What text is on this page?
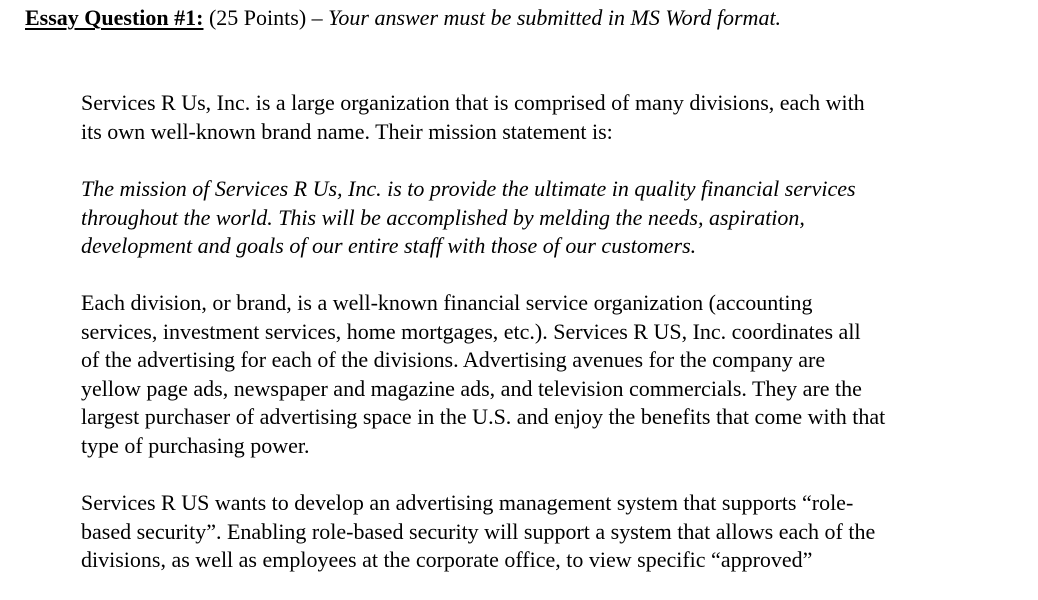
Essay Question #1: (25 Points) – Your answer must be submitted in MS Word format.
Services R Us, Inc. is a large organization that is comprised of many divisions, each with
its own well-known brand name. Their mission statement is:
The mission of Services R Us, Inc. is to provide the ultimate in quality financial services
throughout the world. This will be accomplished by melding the needs, aspiration,
development and goals of our entire staff with those of our customers.
Each division, or brand, is a well-known financial service organization (accounting
services, investment services, home mortgages, etc.). Services R US, Inc. coordinates all
of the advertising for each of the divisions. Advertising avenues for the company are
yellow page ads, newspaper and magazine ads, and television commercials. They are the
largest purchaser of advertising space in the U.S. and enjoy the benefits that come with that
type of purchasing power.
Services R US wants to develop an advertising management system that supports “role-
based security”. Enabling role-based security will support a system that allows each of the
divisions, as well as employees at the corporate office, to view specific “approved”
